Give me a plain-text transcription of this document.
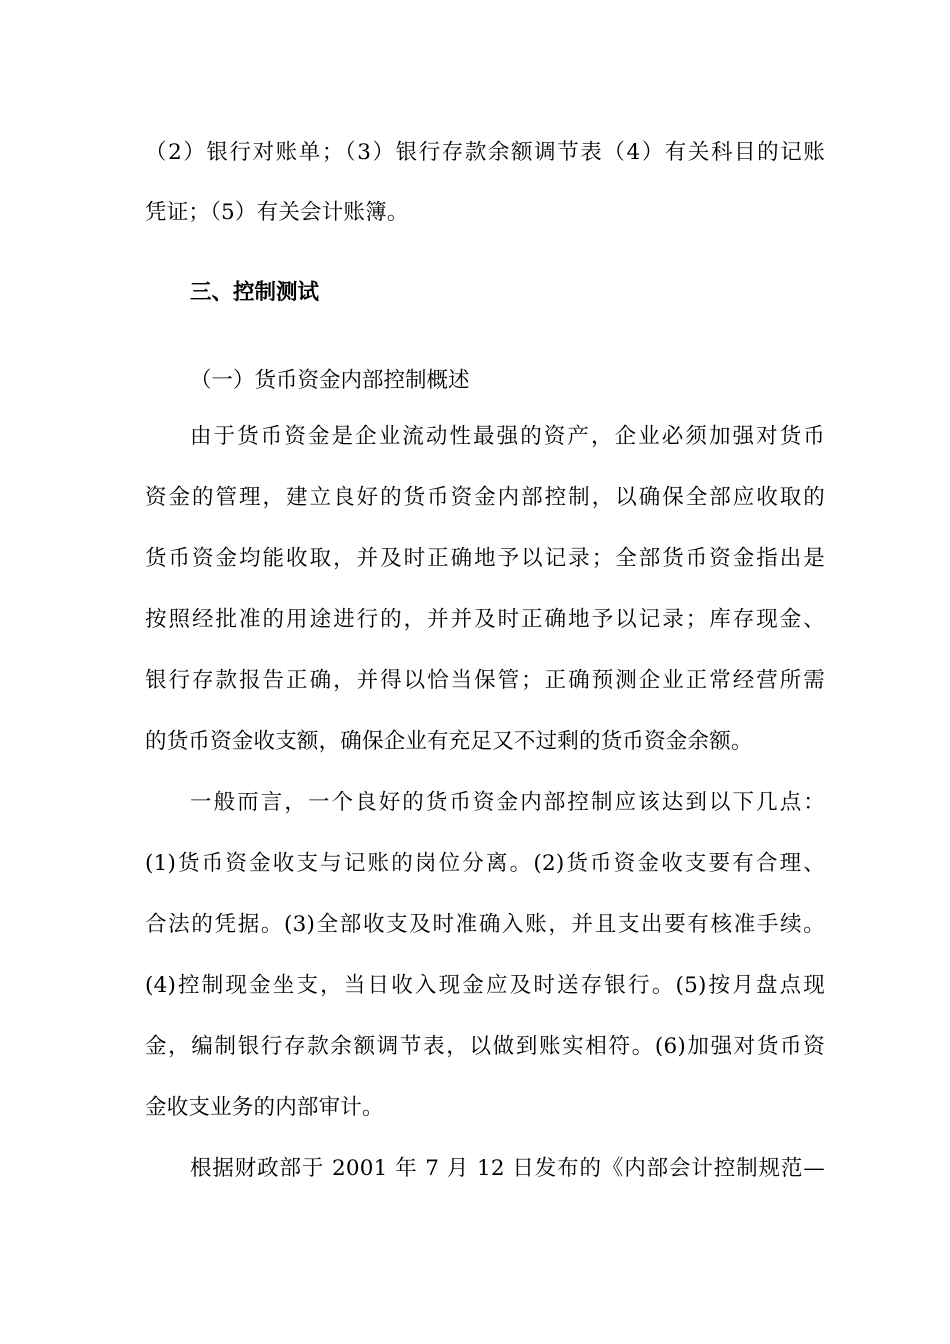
（2）银行对账单；（3）银行存款余额调节表（4）有关科目的记账
凭证；（5）有关会计账簿。
三、控制测试
（一）货币资金内部控制概述
由于货币资金是企业流动性最强的资产，企业必须加强对货币
资金的管理，建立良好的货币资金内部控制，以确保全部应收取的
货币资金均能收取，并及时正确地予以记录；全部货币资金指出是
按照经批准的用途进行的，并并及时正确地予以记录；库存现金、
银行存款报告正确，并得以恰当保管；正确预测企业正常经营所需
的货币资金收支额，确保企业有充足又不过剩的货币资金余额。
一般而言，一个良好的货币资金内部控制应该达到以下几点：
(1)货币资金收支与记账的岗位分离。(2)货币资金收支要有合理、
合法的凭据。(3)全部收支及时准确入账，并且支出要有核准手续。
(4)控制现金坐支，当日收入现金应及时送存银行。(5)按月盘点现
金，编制银行存款余额调节表，以做到账实相符。(6)加强对货币资
金收支业务的内部审计。
根据财政部于 2001 年 7 月 12 日发布的《内部会计控制规范—
